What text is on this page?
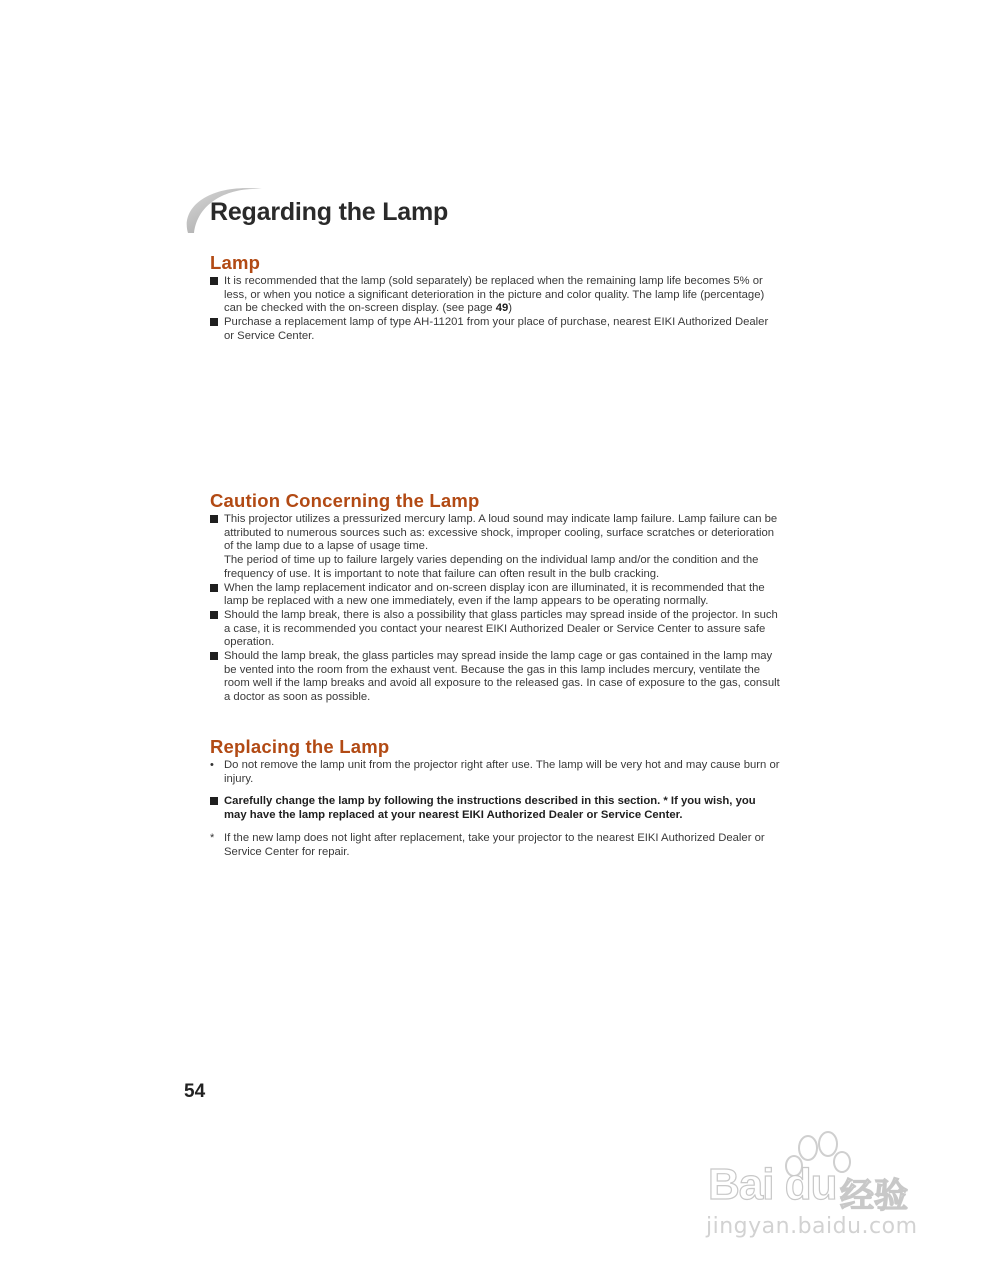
Regarding the Lamp
Lamp
It is recommended that the lamp (sold separately) be replaced when the remaining lamp life becomes 5% or less, or when you notice a significant deterioration in the picture and color quality. The lamp life (percentage) can be checked with the on-screen display. (see page 49)
Purchase a replacement lamp of type AH-11201 from your place of purchase, nearest EIKI Authorized Dealer or Service Center.
Caution Concerning the Lamp
This projector utilizes a pressurized mercury lamp. A loud sound may indicate lamp failure. Lamp failure can be attributed to numerous sources such as: excessive shock, improper cooling, surface scratches or deterioration of the lamp due to a lapse of usage time.
The period of time up to failure largely varies depending on the individual lamp and/or the condition and the frequency of use. It is important to note that failure can often result in the bulb cracking.
When the lamp replacement indicator and on-screen display icon are illuminated, it is recommended that the lamp be replaced with a new one immediately, even if the lamp appears to be operating normally.
Should the lamp break, there is also a possibility that glass particles may spread inside of the projector. In such a case, it is recommended you contact your nearest EIKI Authorized Dealer or Service Center to assure safe operation.
Should the lamp break, the glass particles may spread inside the lamp cage or gas contained in the lamp may be vented into the room from the exhaust vent. Because the gas in this lamp includes mercury, ventilate the room well if the lamp breaks and avoid all exposure to the released gas. In case of exposure to the gas, consult a doctor as soon as possible.
Replacing the Lamp
• Do not remove the lamp unit from the projector right after use. The lamp will be very hot and may cause burn or injury.
Carefully change the lamp by following the instructions described in this section. * If you wish, you may have the lamp replaced at your nearest EIKI Authorized Dealer or Service Center.
* If the new lamp does not light after replacement, take your projector to the nearest EIKI Authorized Dealer or Service Center for repair.
54
Bai du 经验
jingyan.baidu.com
